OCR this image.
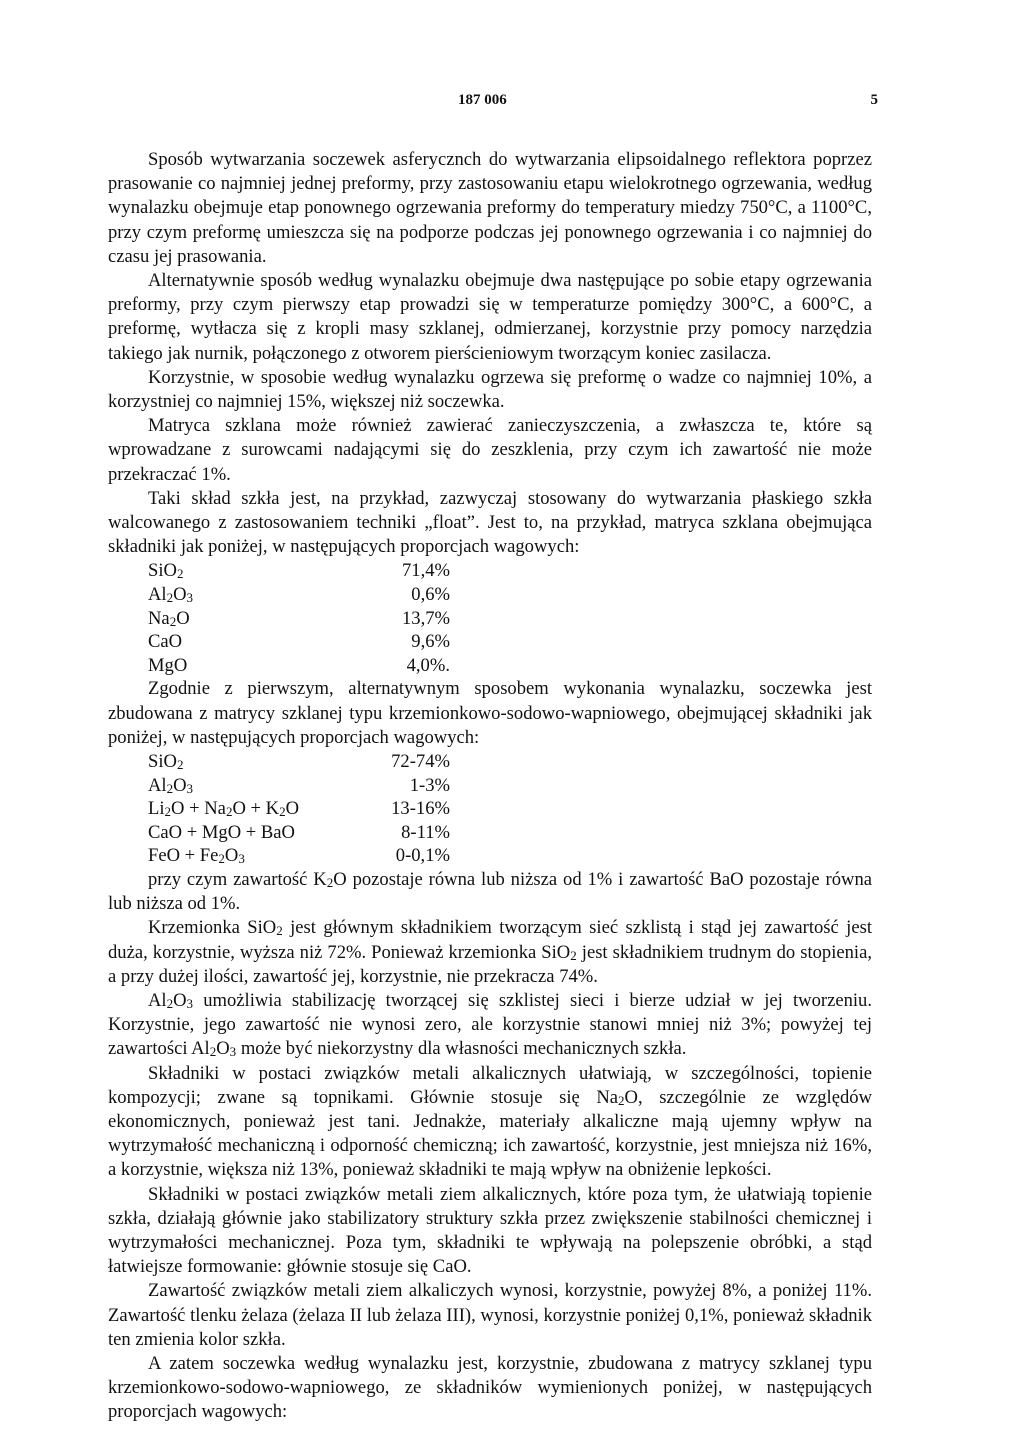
187 006	5

Sposób wytwarzania soczewek asferycznch do wytwarzania elipsoidalnego reflektora poprzez prasowanie co najmniej jednej preformy, przy zastosowaniu etapu wielokrotnego ogrzewania, według wynalazku obejmuje etap ponownego ogrzewania preformy do temperatury miedzy 750°C, a 1100°C, przy czym preformę umieszcza się na podporze podczas jej ponownego ogrzewania i co najmniej do czasu jej prasowania.

Alternatywnie sposób według wynalazku obejmuje dwa następujące po sobie etapy ogrzewania preformy, przy czym pierwszy etap prowadzi się w temperaturze pomiędzy 300°C, a 600°C, a preformę, wytłacza się z kropli masy szklanej, odmierzanej, korzystnie przy pomocy narzędzia takiego jak nurnik, połączonego z otworem pierścieniowym tworzącym koniec zasilacza.

Korzystnie, w sposobie według wynalazku ogrzewa się preformę o wadze co najmniej 10%, a korzystniej co najmniej 15%, większej niż soczewka.

Matryca szklana może również zawierać zanieczyszczenia, a zwłaszcza te, które są wprowadzane z surowcami nadającymi się do zeszklenia, przy czym ich zawartość nie może przekraczać 1%.

Taki skład szkła jest, na przykład, zazwyczaj stosowany do wytwarzania płaskiego szkła walcowanego z zastosowaniem techniki „float”. Jest to, na przykład, matryca szklana obejmująca składniki jak poniżej, w następujących proporcjach wagowych:

SiO$_2$	71,4%
$Al_2O_3$	0,6%
$Na_2O$	13,7%
CaO	9,6%
MgO	4,0%.

Zgodnie z pierwszym, alternatywnym sposobem wykonania wynalazku, soczewka jest zbudowana z matrycy szklanej typu krzemionkowo-sodowo-wapniowego, obejmującej składniki jak poniżej, w następujących proporcjach wagowych:

SiO$_2$	72-74%
$Al_2O_3$	1-3%
$Li_2O + Na_2O + K_2O$	13-16%
CaO + MgO + BaO	8-11%
FeO + $Fe_2O_3$	0-0,1%

przy czym zawartość $K_2O$ pozostaje równa lub niższa od 1% i zawartość BaO pozostaje równa lub niższa od 1%.

Krzemionka SiO$_2$ jest głównym składnikiem tworzącym sieć szklistą i stąd jej zawartość jest duża, korzystnie, wyższa niż 72%. Ponieważ krzemionka SiO$_2$ jest składnikiem trudnym do stopienia, a przy dużej ilości, zawartość jej, korzystnie, nie przekracza 74%.

$Al_2O_3$ umożliwia stabilizację tworzącej się szklistej sieci i bierze udział w jej tworzeniu. Korzystnie, jego zawartość nie wynosi zero, ale korzystnie stanowi mniej niż 3%; powyżej tej zawartości $Al_2O_3$ może być niekorzystny dla własności mechanicznych szkła.

Składniki w postaci związków metali alkalicznych ułatwiają, w szczególności, topienie kompozycji; zwane są topnikami. Głównie stosuje się $Na_2O$, szczególnie ze względów ekonomicznych, ponieważ jest tani. Jednakże, materiały alkaliczne mają ujemny wpływ na wytrzymałość mechaniczną i odporność chemiczną; ich zawartość, korzystnie, jest mniejsza niż 16%, a korzystnie, większa niż 13%, ponieważ składniki te mają wpływ na obniżenie lepkości.

Składniki w postaci związków metali ziem alkalicznych, które poza tym, że ułatwiają topienie szkła, działają głównie jako stabilizatory struktury szkła przez zwiększenie stabilności chemicznej i wytrzymałości mechanicznej. Poza tym, składniki te wpływają na polepszenie obróbki, a stąd łatwiejsze formowanie: głównie stosuje się CaO.

Zawartość związków metali ziem alkaliczych wynosi, korzystnie, powyżej 8%, a poniżej 11%. Zawartość tlenku żelaza (żelaza II lub żelaza III), wynosi, korzystnie poniżej 0,1%, ponieważ składnik ten zmienia kolor szkła.

A zatem soczewka według wynalazku jest, korzystnie, zbudowana z matrycy szklanej typu krzemionkowo-sodowo-wapniowego, ze składników wymienionych poniżej, w następujących proporcjach wagowych:
